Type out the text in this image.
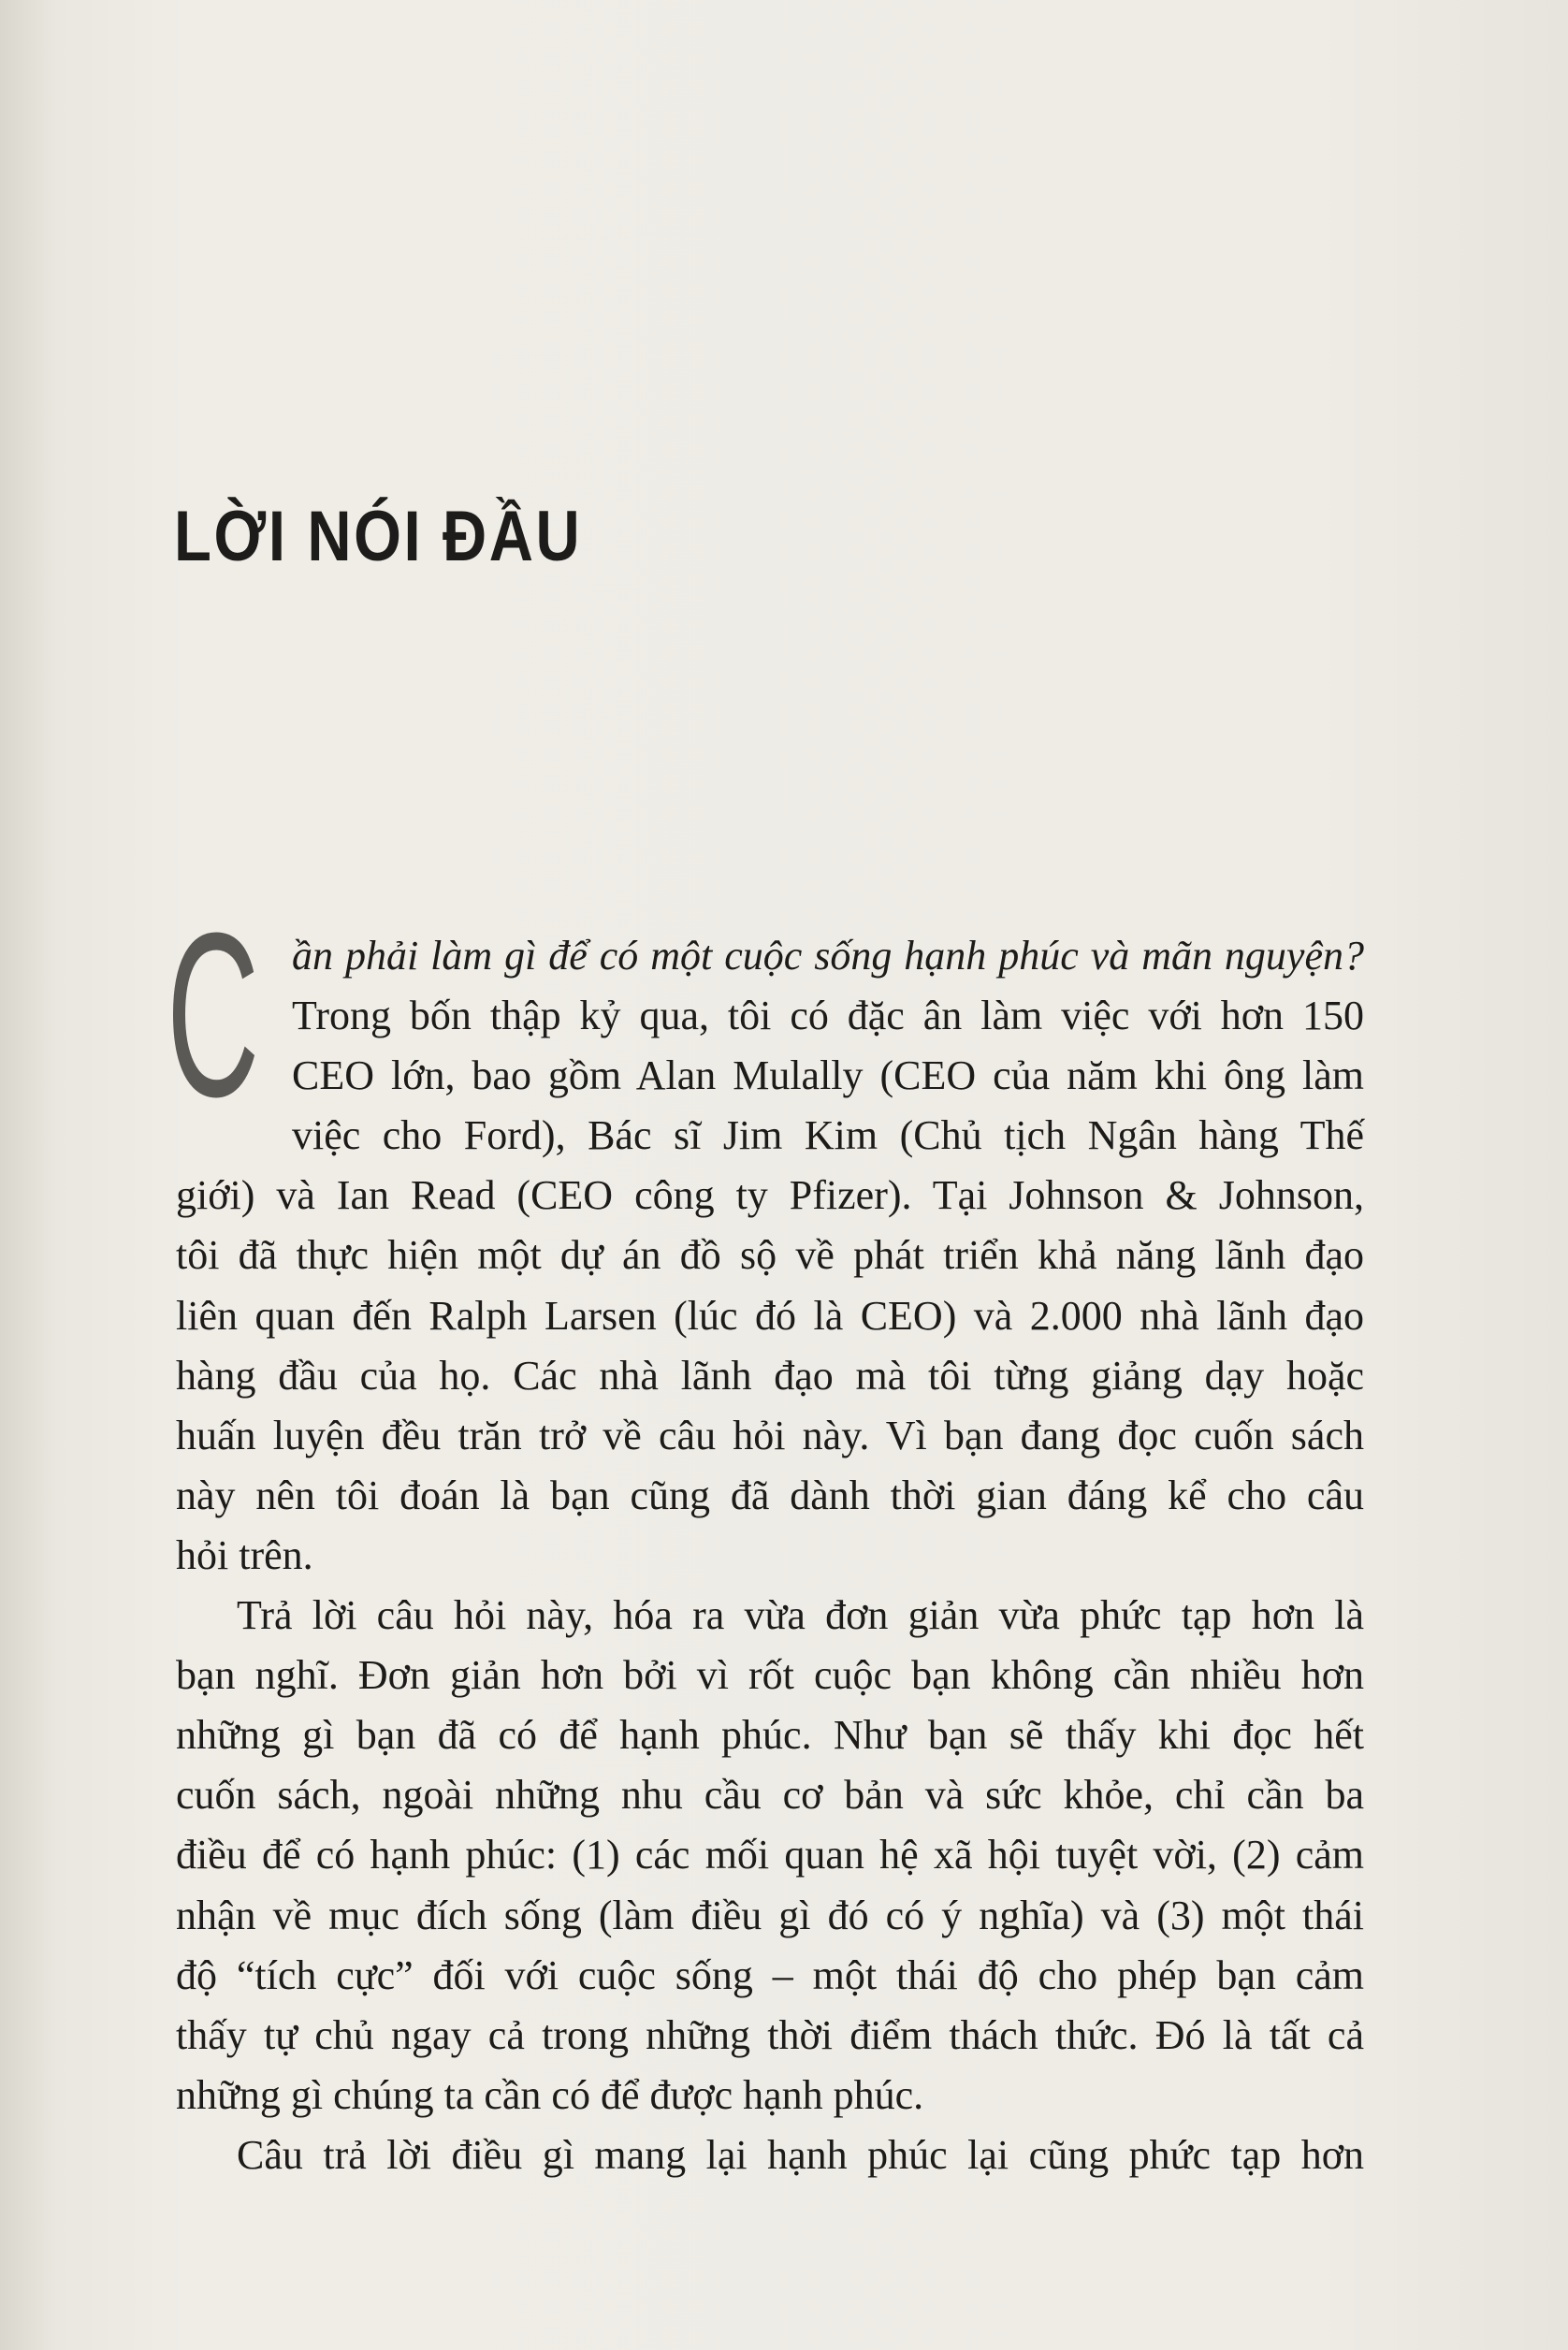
LỜI NÓI ĐẦU
C ần phải làm gì để có một cuộc sống hạnh phúc và mãn nguyện?
Trong bốn thập kỷ qua, tôi có đặc ân làm việc với hơn 150
CEO lớn, bao gồm Alan Mulally (CEO của năm khi ông làm
việc cho Ford), Bác sĩ Jim Kim (Chủ tịch Ngân hàng Thế
giới) và Ian Read (CEO công ty Pfizer). Tại Johnson & Johnson,
tôi đã thực hiện một dự án đồ sộ về phát triển khả năng lãnh đạo
liên quan đến Ralph Larsen (lúc đó là CEO) và 2.000 nhà lãnh đạo
hàng đầu của họ. Các nhà lãnh đạo mà tôi từng giảng dạy hoặc
huấn luyện đều trăn trở về câu hỏi này. Vì bạn đang đọc cuốn sách
này nên tôi đoán là bạn cũng đã dành thời gian đáng kể cho câu
hỏi trên.
Trả lời câu hỏi này, hóa ra vừa đơn giản vừa phức tạp hơn là
bạn nghĩ. Đơn giản hơn bởi vì rốt cuộc bạn không cần nhiều hơn
những gì bạn đã có để hạnh phúc. Như bạn sẽ thấy khi đọc hết
cuốn sách, ngoài những nhu cầu cơ bản và sức khỏe, chỉ cần ba
điều để có hạnh phúc: (1) các mối quan hệ xã hội tuyệt vời, (2) cảm
nhận về mục đích sống (làm điều gì đó có ý nghĩa) và (3) một thái
độ “tích cực” đối với cuộc sống – một thái độ cho phép bạn cảm
thấy tự chủ ngay cả trong những thời điểm thách thức. Đó là tất cả
những gì chúng ta cần có để được hạnh phúc.
Câu trả lời điều gì mang lại hạnh phúc lại cũng phức tạp hơn
